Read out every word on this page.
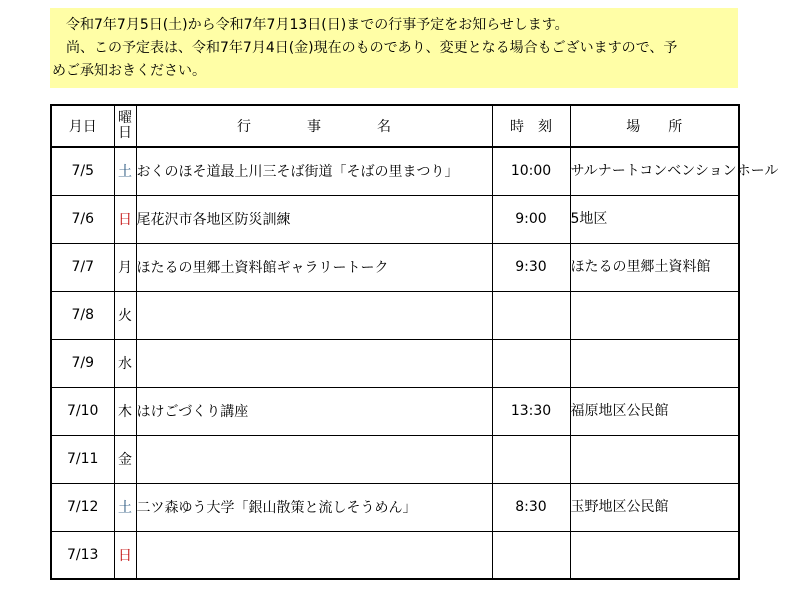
令和7年7月5日(土)から令和7年7月13日(日)までの行事予定をお知らせします。

尚、この予定表は、令和7年7月4日(金)現在のものであり、変更となる場合もございますので、予

めご承知おきください。

月日	曜日	行　　　　事　　　　名	時　刻	場　　所
7/5	土	おくのほそ道最上川三そば街道「そばの里まつり」	10:00	サルナートコンベンションホール
7/6	日	尾花沢市各地区防災訓練	9:00	5地区
7/7	月	ほたるの里郷土資料館ギャラリートーク	9:30	ほたるの里郷土資料館
7/8	火			
7/9	水			
7/10	木	はけごづくり講座	13:30	福原地区公民館
7/11	金			
7/12	土	二ツ森ゆう大学「銀山散策と流しそうめん」	8:30	玉野地区公民館
7/13	日			
